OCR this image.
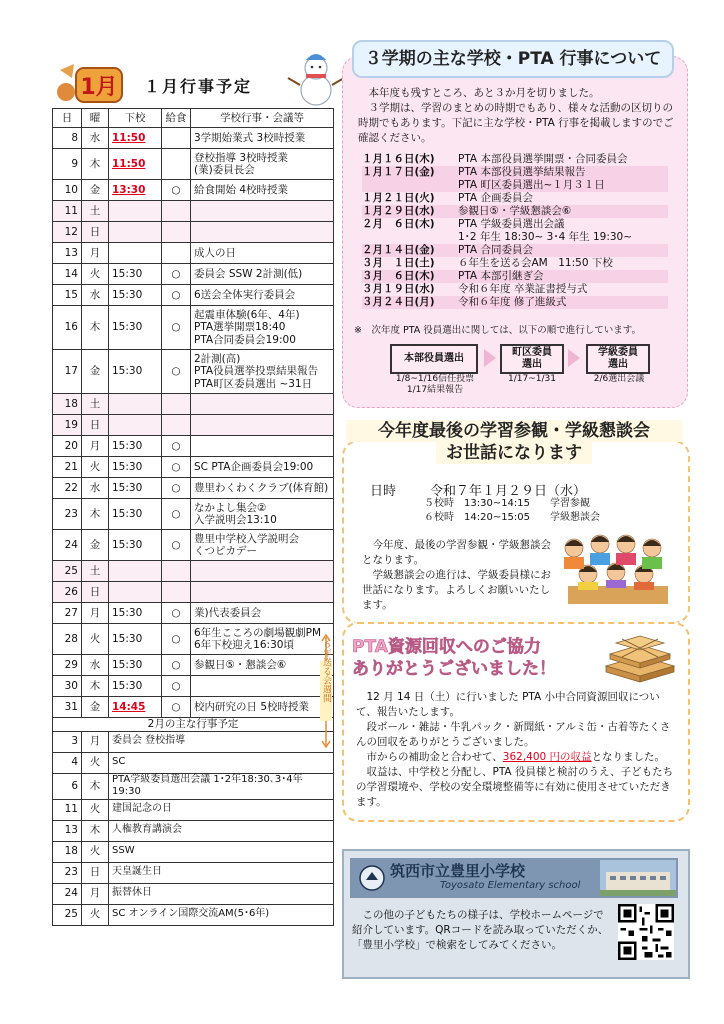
1月 １月行事予定
日	曜	下校	給食	学校行事・会議等
8	水	11:50		3学期始業式 3校時授業
9	木	11:50		登校指導 3校時授業
(業)委員長会
10	金	13:30	○	給食開始 4校時授業
11	土			
12	日			
13	月			成人の日
14	火	15:30	○	委員会 SSW 2計測(低)
15	水	15:30	○	6送会全体実行委員会
16	木	15:30	○	起震車体験(6年、4年)
PTA選挙開票18:40
PTA合同委員会19:00
17	金	15:30	○	2計測(高)
PTA役員選挙投票結果報告
PTA町区委員選出 ~31日
18	土			
19	日			
20	月	15:30	○	
21	火	15:30	○	SC PTA企画委員会19:00
22	水	15:30	○	豊里わくわくクラブ(体育館)
23	木	15:30	○	なかよし集会②
入学説明会13:10
24	金	15:30	○	豊里中学校入学説明会
くつピカデー
25	土			
26	日			
27	月	15:30	○	業)代表委員会
28	火	15:30	○	6年生こころの劇場観劇PM
6年下校迎え16:30頃
29	水	15:30	○	参観日⑤・懇談会⑥
30	木	15:30	○	
31	金	14:45	○	校内研究の日 5校時授業
2月の主な行事予定				
3	月	委員会 登校指導		
4	火	SC		
6	木	PTA学級委員選出会議 1･2年18:30､3･4年19:30		
11	火	建国記念の日		
13	木	人権教育講演会		
18	火	SSW		
23	日	天皇誕生日		
24	月	振替休日		
25	火	SC オンライン国際交流AM(5･6年)		
６年送る会週間
３学期の主な学校・PTA 行事について
　本年度も残すところ、あと３か月を切りました。
　３学期は、学習のまとめの時期でもあり、様々な活動の区切りの時期でもあります。下記に主な学校・PTA 行事を掲載しますのでご確認ください。
１月１６日(木)	PTA 本部役員選挙開票・合同委員会
１月１７日(金)	PTA 本部役員選挙結果報告
PTA 町区委員選出~１月３１日
１月２１日(火)	PTA 企画委員会
１月２９日(水)	参観日⑤・学級懇談会⑥
２月　６日(木)	PTA 学級委員選出会議
1･2 年生 18:30~ 3･4 年生 19:30~
２月１４日(金)	PTA 合同委員会
３月　１日(土)	６年生を送る会AM　11:50 下校
３月　６日(木)	PTA 本部引継ぎ会
３月１９日(水)	令和６年度 卒業証書授与式
３月２４日(月)	令和６年度 修了進級式
※　次年度 PTA 役員選出に関しては、以下の順で進行しています。
本部役員選出
町区委員
選出
学級委員
選出
1/8~1/16信任投票
1/17結果報告
1/17~1/31	2/6選出会議
今年度最後の学習参観・学級懇談会
お世話になります
日時	令和７年１月２９日（水）
５校時　13:30~14:15　　学習参観
６校時　14:20~15:05　　学級懇談会
　今年度、最後の学習参観・学級懇談会となります。
　学級懇談会の進行は、学級委員様にお世話になります。よろしくお願いいたします。
PTA資源回収へのご協力
ありがとうございました！
　12 月 14 日（土）に行いました PTA 小中合同資源回収について、報告いたします。
　段ボール・雑誌・牛乳パック・新聞紙・アルミ缶・古着等たくさんの回収をありがとうございました。
　市からの補助金と合わせて、362,400 円の収益となりました。
　収益は、中学校と分配し、PTA 役員様と検討のうえ、子どもたちの学習環境や、学校の安全環境整備等に有効に使用させていただきます。
筑西市立豊里小学校
Toyosato Elementary school
　この他の子どもたちの様子は、学校ホームページで紹介しています。QRコードを読み取っていただくか、「豊里小学校」で検索をしてみてください。
